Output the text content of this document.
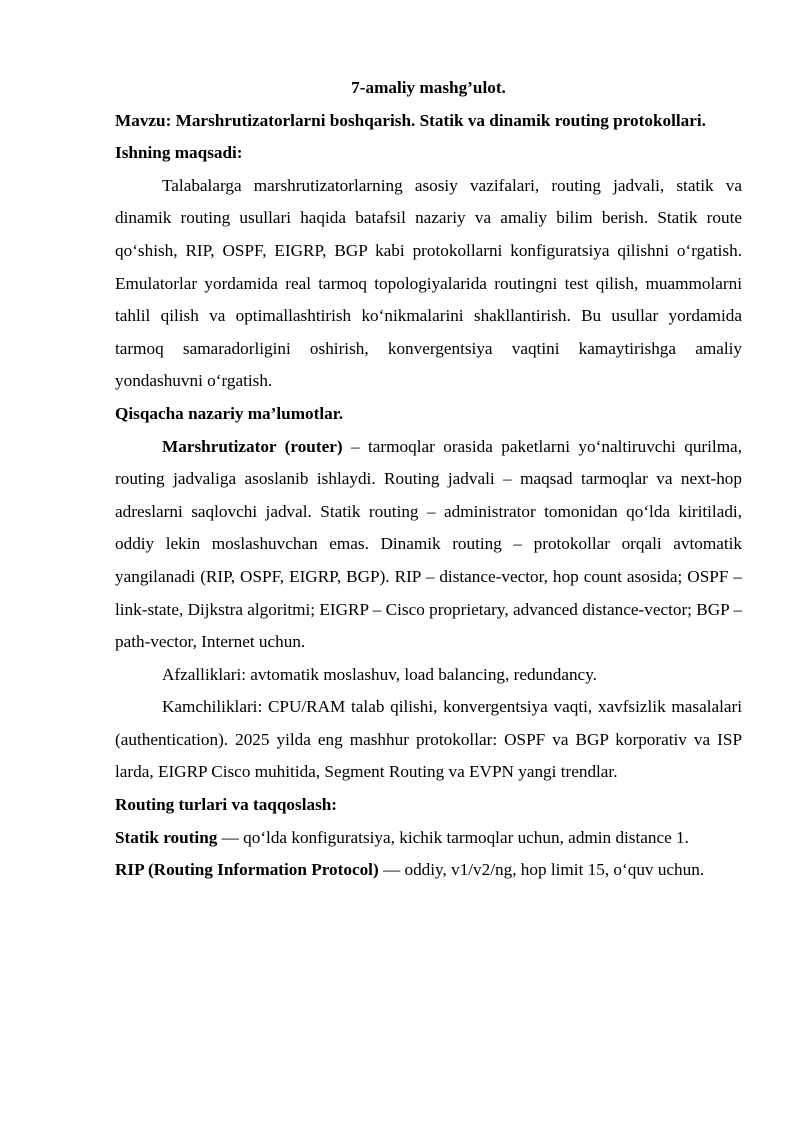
7-amaliy mashg’ulot.

Mavzu: Marshrutizatorlarni boshqarish. Statik va dinamik routing protokollari.

Ishning maqsadi:

Talabalarga marshrutizatorlarning asosiy vazifalari, routing jadvali, statik va dinamik routing usullari haqida batafsil nazariy va amaliy bilim berish. Statik route qo‘shish, RIP, OSPF, EIGRP, BGP kabi protokollarni konfiguratsiya qilishni o‘rgatish. Emulatorlar yordamida real tarmoq topologiyalarida routingni test qilish, muammolarni tahlil qilish va optimallashtirish ko‘nikmalarini shakllantirish. Bu usullar yordamida tarmoq samaradorligini oshirish, konvergentsiya vaqtini kamaytirishga amaliy yondashuvni o‘rgatish.

Qisqacha nazariy ma’lumotlar.

Marshrutizator (router) – tarmoqlar orasida paketlarni yo‘naltiruvchi qurilma, routing jadvaliga asoslanib ishlaydi. Routing jadvali – maqsad tarmoqlar va next-hop adreslarni saqlovchi jadval. Statik routing – administrator tomonidan qo‘lda kiritiladi, oddiy lekin moslashuvchan emas. Dinamik routing – protokollar orqali avtomatik yangilanadi (RIP, OSPF, EIGRP, BGP). RIP – distance-vector, hop count asosida; OSPF – link-state, Dijkstra algoritmi; EIGRP – Cisco proprietary, advanced distance-vector; BGP – path-vector, Internet uchun.

Afzalliklari: avtomatik moslashuv, load balancing, redundancy.

Kamchiliklari: CPU/RAM talab qilishi, konvergentsiya vaqti, xavfsizlik masalalari (authentication). 2025 yilda eng mashhur protokollar: OSPF va BGP korporativ va ISP larda, EIGRP Cisco muhitida, Segment Routing va EVPN yangi trendlar.

Routing turlari va taqqoslash:

Statik routing — qo‘lda konfiguratsiya, kichik tarmoqlar uchun, admin distance 1.

RIP (Routing Information Protocol) — oddiy, v1/v2/ng, hop limit 15, o‘quv uchun.
